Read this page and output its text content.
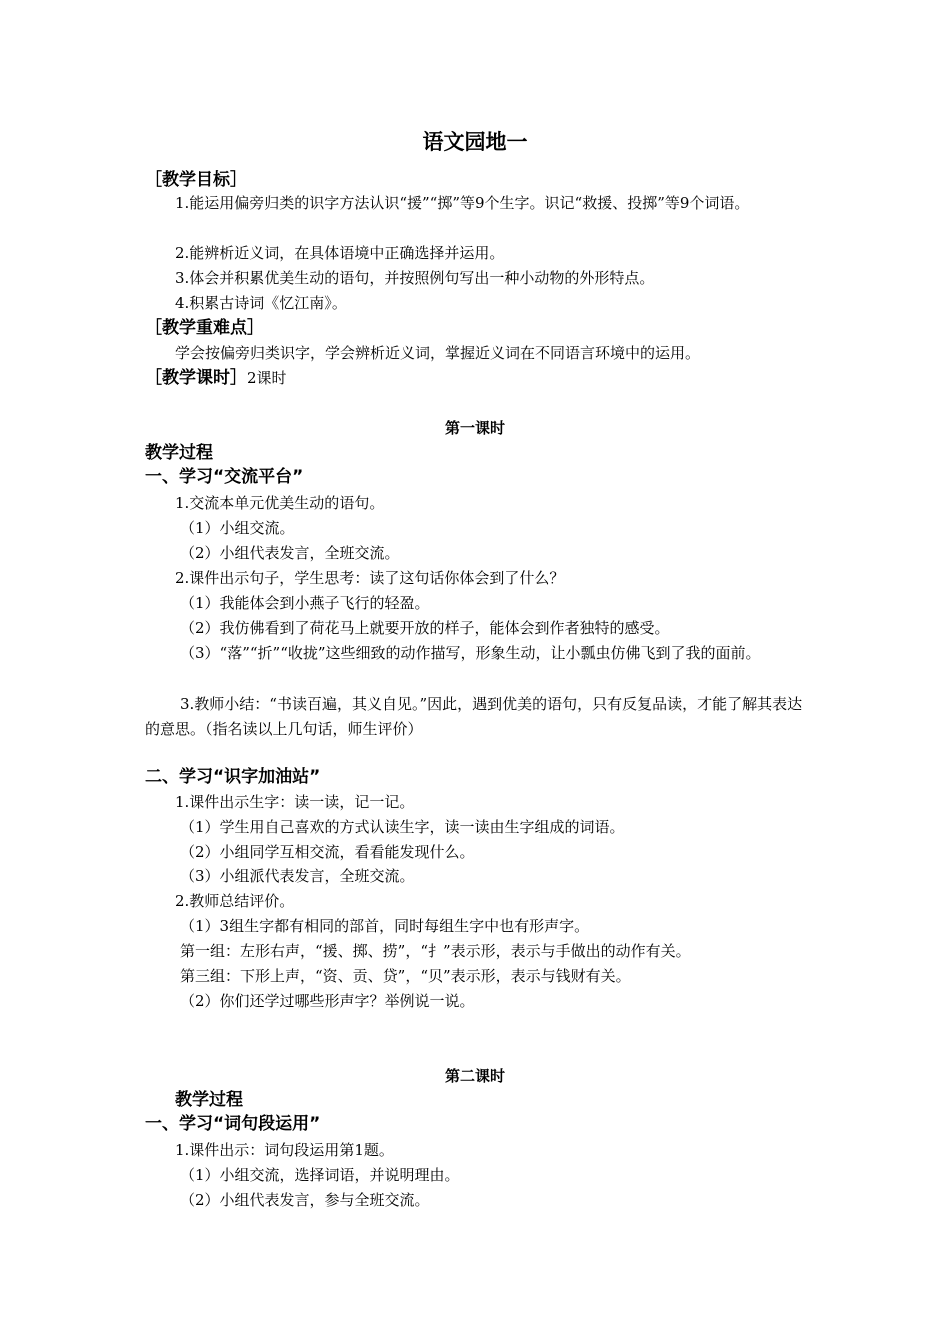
语文园地一
［教学目标］
1.能运用偏旁归类的识字方法认识“援”“掷”等9个生字。识记“救援、投掷”等9个词语。
2.能辨析近义词，在具体语境中正确选择并运用。
3.体会并积累优美生动的语句，并按照例句写出一种小动物的外形特点。
4.积累古诗词《忆江南》。
［教学重难点］
学会按偏旁归类识字，学会辨析近义词，掌握近义词在不同语言环境中的运用。
［教学课时］2课时
第一课时
教学过程
一、学习“交流平台”
1.交流本单元优美生动的语句。
（1）小组交流。
（2）小组代表发言，全班交流。
2.课件出示句子，学生思考：读了这句话你体会到了什么？
（1）我能体会到小燕子飞行的轻盈。
（2）我仿佛看到了荷花马上就要开放的样子，能体会到作者独特的感受。
（3）“落”“折”“收拢”这些细致的动作描写，形象生动，让小瓢虫仿佛飞到了我的面前。
3.教师小结：“书读百遍，其义自见。”因此，遇到优美的语句，只有反复品读，才能了解其表达的意思。（指名读以上几句话，师生评价）
二、学习“识字加油站”
1.课件出示生字：读一读，记一记。
（1）学生用自己喜欢的方式认读生字，读一读由生字组成的词语。
（2）小组同学互相交流，看看能发现什么。
（3）小组派代表发言，全班交流。
2.教师总结评价。
（1）3组生字都有相同的部首，同时每组生字中也有形声字。
第一组：左形右声，“援、掷、捞”，“扌”表示形，表示与手做出的动作有关。
第三组：下形上声，“资、贡、贷”，“贝”表示形，表示与钱财有关。
（2）你们还学过哪些形声字？举例说一说。
第二课时
教学过程
一、学习“词句段运用”
1.课件出示：词句段运用第1题。
（1）小组交流，选择词语，并说明理由。
（2）小组代表发言，参与全班交流。
